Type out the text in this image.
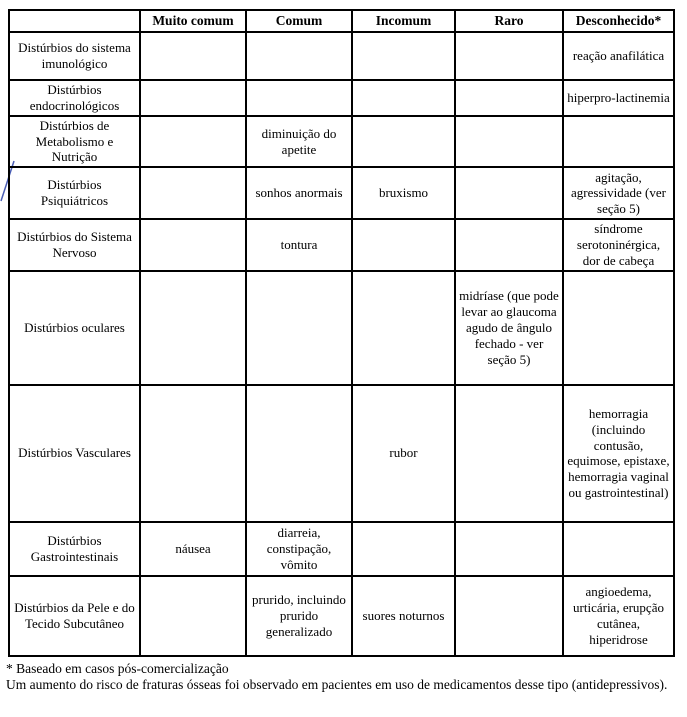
	Muito comum	Comum	Incomum	Raro	Desconhecido*
Distúrbios do sistema imunológico					reação anafilática
Distúrbios endocrinológicos					hiperpro-lactinemia
Distúrbios de Metabolismo e Nutrição		diminuição do apetite			
Distúrbios Psiquiátricos		sonhos anormais	bruxismo		agitação, agressividade (ver seção 5)
Distúrbios do Sistema Nervoso		tontura			síndrome serotoninérgica, dor de cabeça
Distúrbios oculares				midríase (que pode levar ao glaucoma agudo de ângulo fechado - ver seção 5)	
Distúrbios Vasculares			rubor		hemorragia (incluindo contusão, equimose, epistaxe, hemorragia vaginal ou gastrointestinal)
Distúrbios Gastrointestinais	náusea	diarreia, constipação, vômito			
Distúrbios da Pele e do Tecido Subcutâneo		prurido, incluindo prurido generalizado	suores noturnos		angioedema, urticária, erupção cutânea, hiperidrose

* Baseado em casos pós-comercialização

Um aumento do risco de fraturas ósseas foi observado em pacientes em uso de medicamentos desse tipo (antidepressivos).
